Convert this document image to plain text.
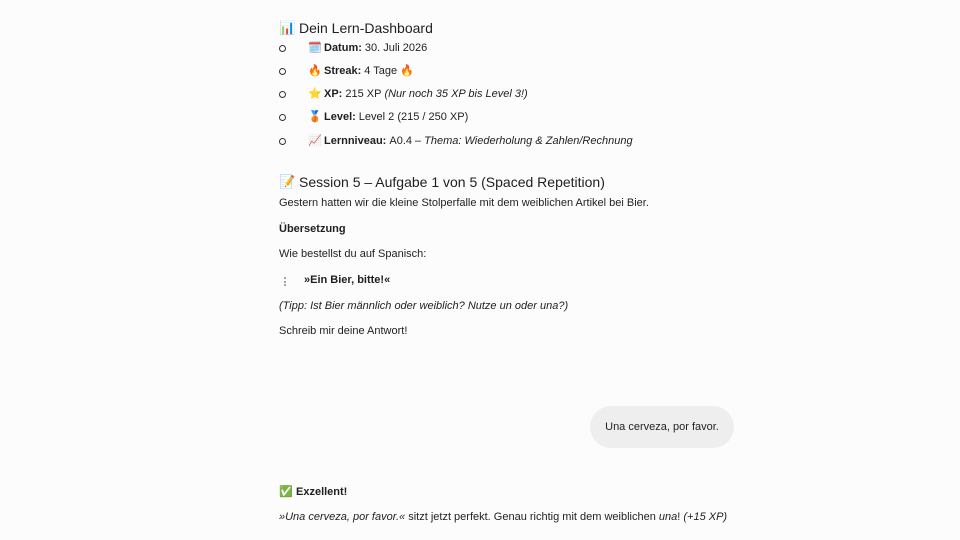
📊 Dein Lern-Dashboard
🗓️ Datum: 30. Juli 2026
🔥 Streak: 4 Tage 🔥
⭐ XP: 215 XP (Nur noch 35 XP bis Level 3!)
🥉 Level: Level 2 (215 / 250 XP)
📈 Lernniveau: A0.4 – Thema: Wiederholung & Zahlen/Rechnung
📝 Session 5 – Aufgabe 1 von 5 (Spaced Repetition)
Gestern hatten wir die kleine Stolperfalle mit dem weiblichen Artikel bei Bier.
Übersetzung
Wie bestellst du auf Spanisch:
»Ein Bier, bitte!«
(Tipp: Ist Bier männlich oder weiblich? Nutze un oder una?)
Schreib mir deine Antwort!
✅ Exzellent!
»Una cerveza, por favor.« sitzt jetzt perfekt. Genau richtig mit dem weiblichen una! (+15 XP)
Una cerveza, por favor.
